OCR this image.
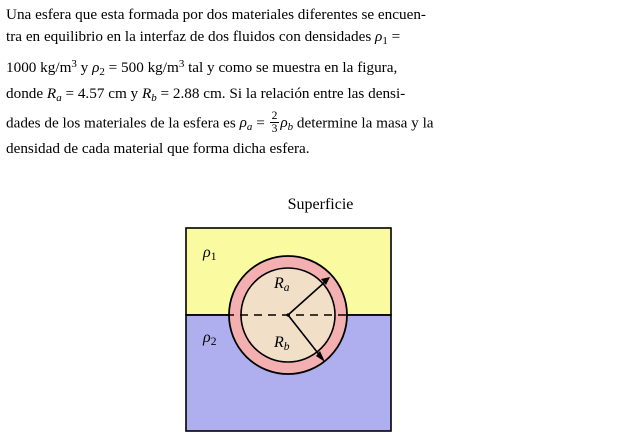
Una esfera que esta formada por dos materiales diferentes se encuen-

tra en equilibrio en la interfaz de dos fluidos con densidades $\rho_1$ =

1000 $kg/m^3$ y $\rho_2 = 500$ $kg/m^3$ tal y como se muestra en la figura,

donde $R_a = 4.57$ cm y $R_b = 2.88$ cm. Si la relación entre las densi-

dades de los materiales de la esfera es $\rho_a = \frac{2}{3} \rho_b$ determine la masa y la

densidad de cada material que forma dicha esfera.

Superficie
$\rho_1$
$\rho_2$
$R_a$
$R_b$
